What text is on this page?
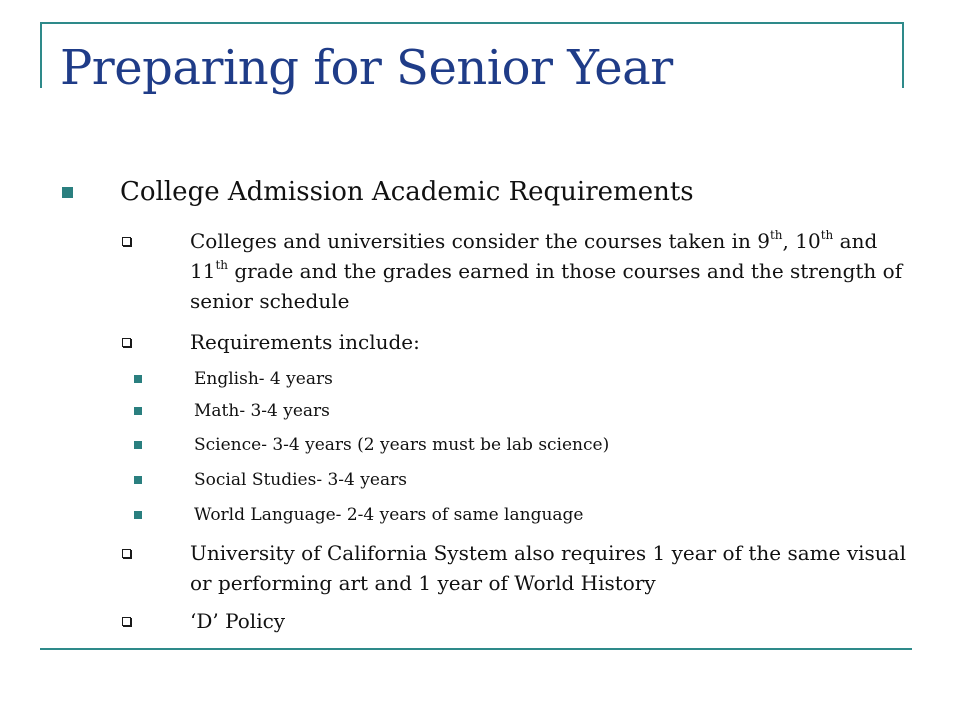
Preparing for Senior Year
College Admission Academic Requirements
Colleges and universities consider the courses taken in 9th, 10th and 11th grade and the grades earned in those courses and the strength of senior schedule
Requirements include:
English- 4 years
Math- 3-4 years
Science- 3-4 years (2 years must be lab science)
Social Studies- 3-4 years
World Language- 2-4 years of same language
University of California System also requires 1 year of the same visual or performing art and 1 year of World History
‘D’ Policy
